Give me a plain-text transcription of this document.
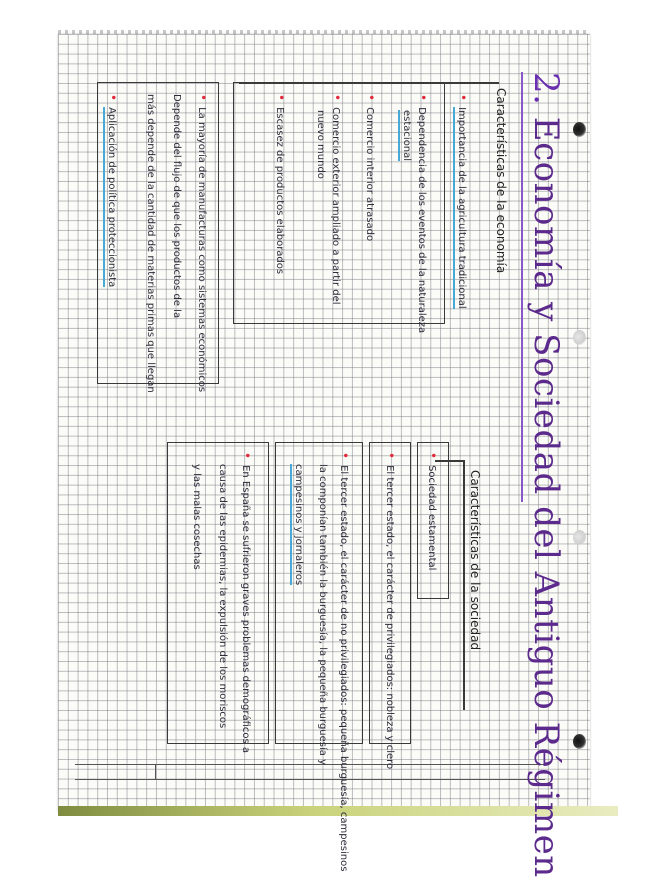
2. Economía y Sociedad del Antiguo Régimen
Características de la economía
•Importancia de la agricultura tradicional
•Dependencia de los eventos de la naturaleza
estacional
•Comercio interior atrasado
•Comercio exterior ampliado a partir del
nuevo mundo
•Escasez de productos elaborados
•La mayoría de manufacturas como sistemas económicos
Depende del flujo de que los productos de la
más depende de la cantidad de materias primas que llegan
•Aplicación de política proteccionista
Características de la sociedad
•Sociedad estamental
•El tercer estado, el carácter de privilegiados: nobleza y clero
•El tercer estado, el carácter de no privilegiados: pequeña burguesía, campesinos
la componían también la burguesía, la pequeña burguesía y
campesinos y jornaleros
•En España se sufrieron graves problemas demográficos a
causa de las epidemias, la expulsión de los moriscos
y las malas cosechas
